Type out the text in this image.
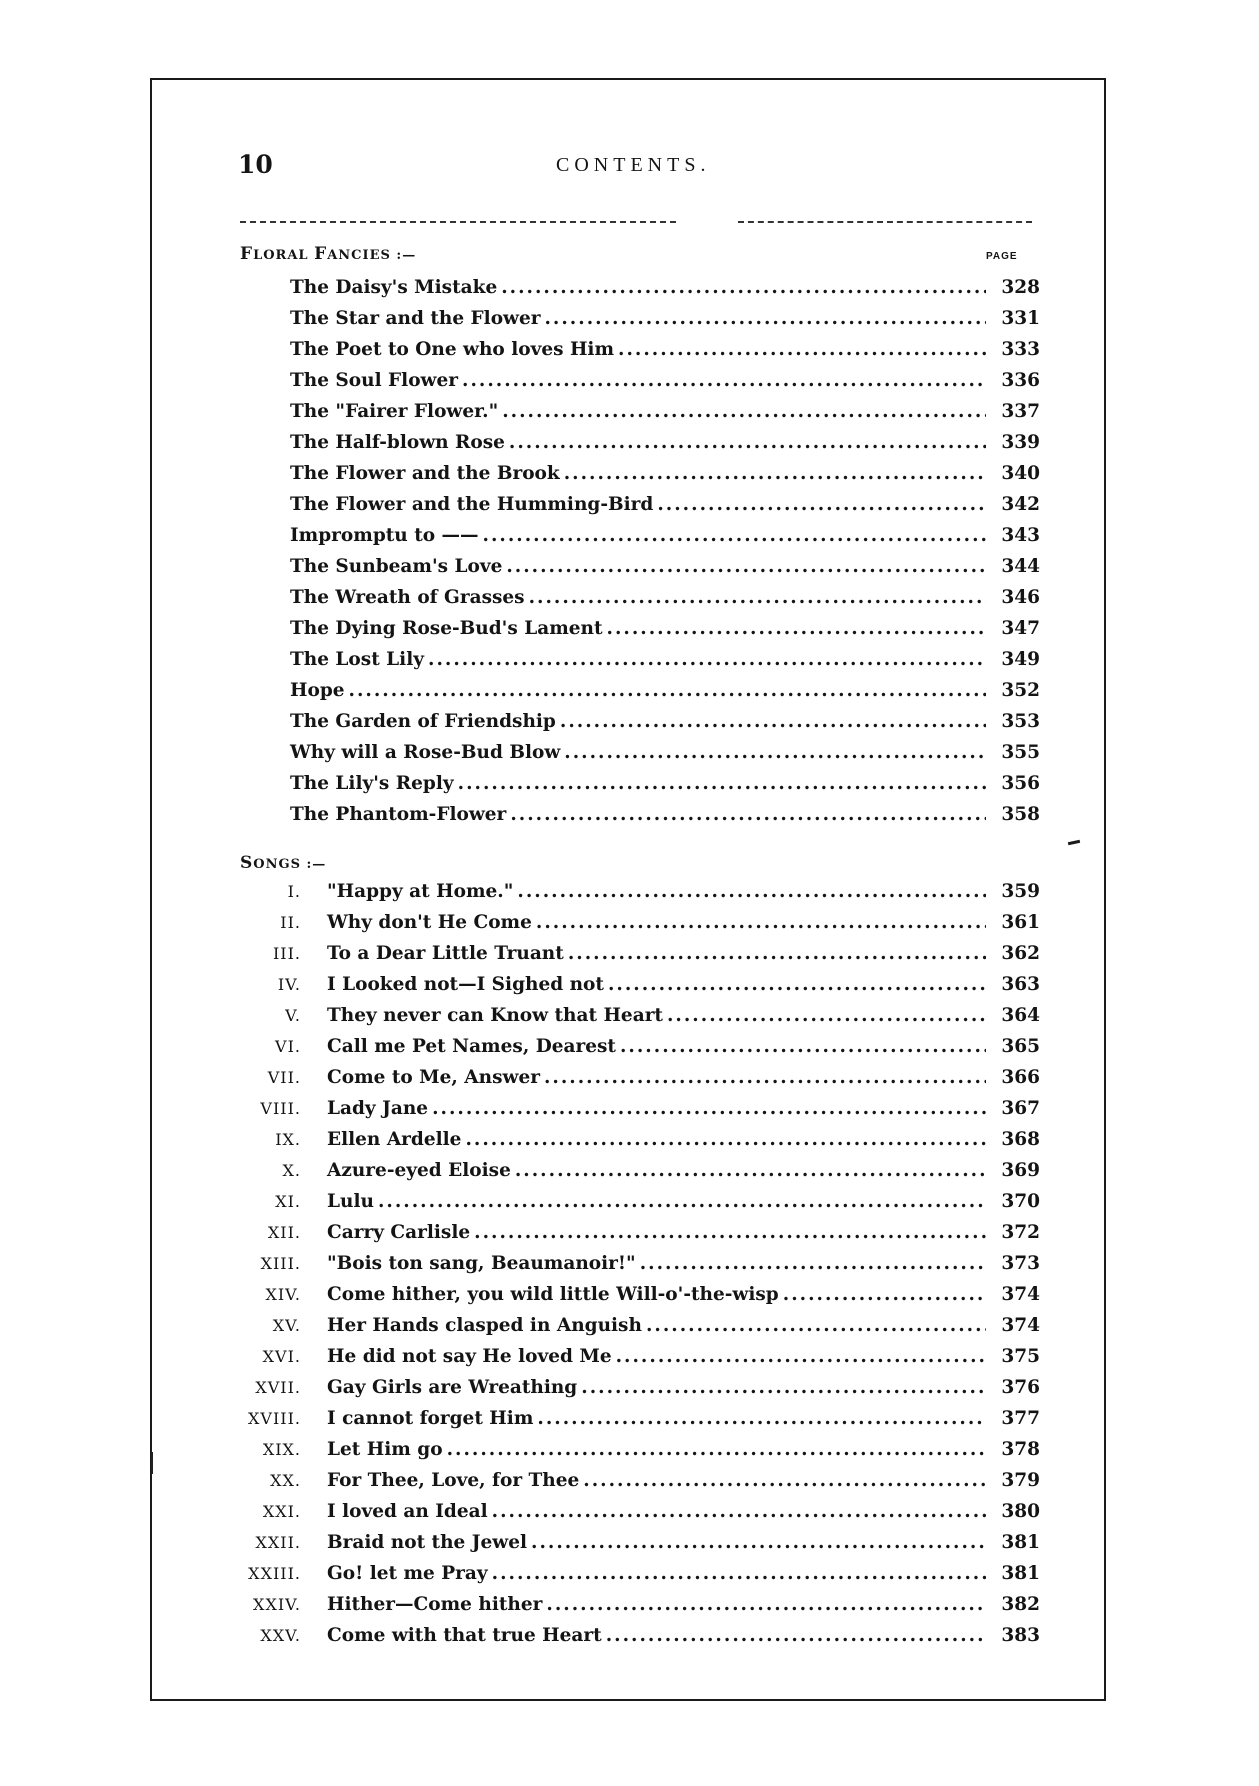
10	CONTENTS.
FLORAL FANCIES :—	PAGE
The Daisy's Mistake .....	328
The Star and the Flower .....	331
The Poet to One who loves Him .....	333
The Soul Flower .....	336
The "Fairer Flower." .....	337
The Half-blown Rose .....	339
The Flower and the Brook .....	340
The Flower and the Humming-Bird .....	342
Impromptu to —— .....	343
The Sunbeam's Love .....	344
The Wreath of Grasses .....	346
The Dying Rose-Bud's Lament .....	347
The Lost Lily .....	349
Hope .....	352
The Garden of Friendship .....	353
Why will a Rose-Bud Blow .....	355
The Lily's Reply .....	356
The Phantom-Flower .....	358
SONGS :—
I. "Happy at Home." .....	359
II. Why don't He Come .....	361
III. To a Dear Little Truant .....	362
IV. I Looked not—I Sighed not .....	363
V. They never can Know that Heart .....	364
VI. Call me Pet Names, Dearest .....	365
VII. Come to Me, Answer .....	366
VIII. Lady Jane .....	367
IX. Ellen Ardelle .....	368
X. Azure-eyed Eloise .....	369
XI. Lulu .....	370
XII. Carry Carlisle .....	372
XIII. "Bois ton sang, Beaumanoir!" .....	373
XIV. Come hither, you wild little Will-o'-the-wisp .....	374
XV. Her Hands clasped in Anguish .....	374
XVI. He did not say He loved Me .....	375
XVII. Gay Girls are Wreathing .....	376
XVIII. I cannot forget Him .....	377
XIX. Let Him go .....	378
XX. For Thee, Love, for Thee .....	379
XXI. I loved an Ideal .....	380
XXII. Braid not the Jewel .....	381
XXIII. Go! let me Pray .....	381
XXIV. Hither—Come hither .....	382
XXV. Come with that true Heart .....	383
